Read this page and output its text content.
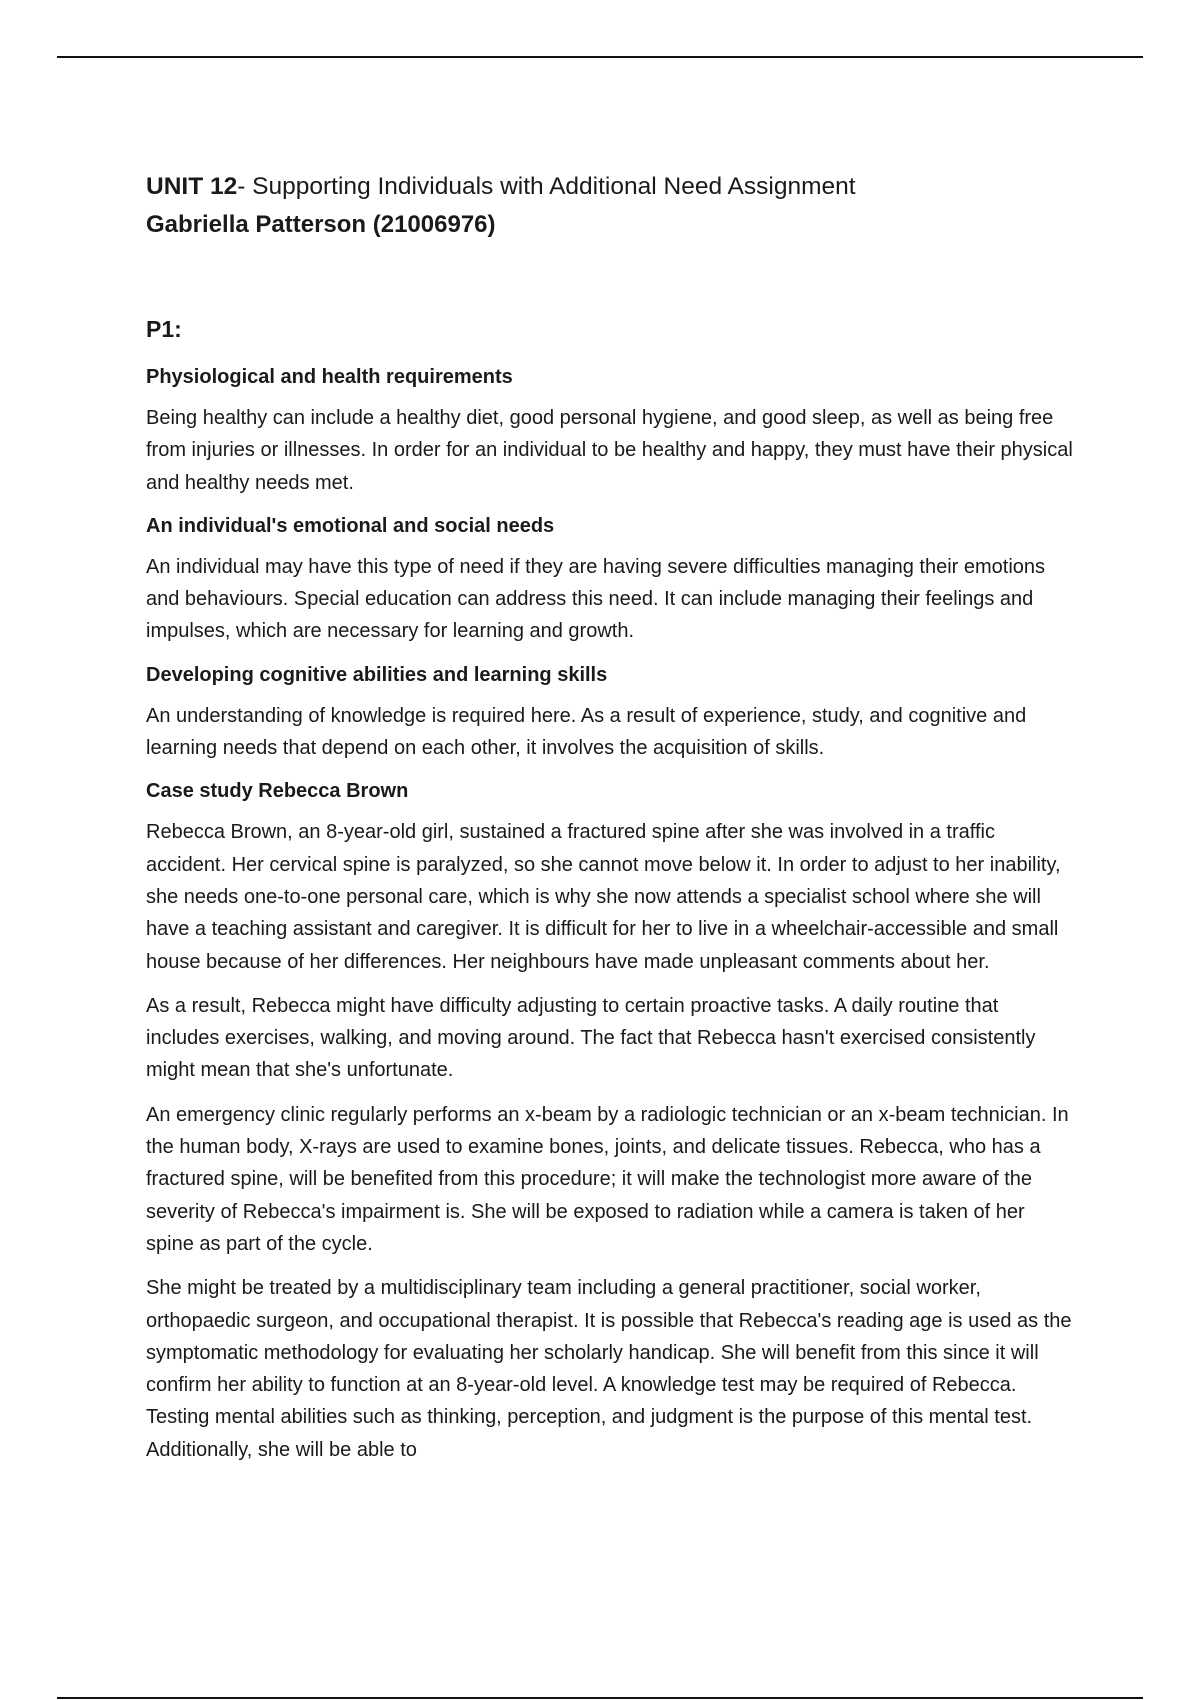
UNIT 12- Supporting Individuals with Additional Need Assignment

Gabriella Patterson (21006976)

P1:
Physiological and health requirements

Being healthy can include a healthy diet, good personal hygiene, and good sleep, as well as being free from injuries or illnesses. In order for an individual to be healthy and happy, they must have their physical and healthy needs met.

An individual's emotional and social needs

An individual may have this type of need if they are having severe difficulties managing their emotions and behaviours. Special education can address this need. It can include managing their feelings and impulses, which are necessary for learning and growth.

Developing cognitive abilities and learning skills

An understanding of knowledge is required here. As a result of experience, study, and cognitive and learning needs that depend on each other, it involves the acquisition of skills.

Case study Rebecca Brown

Rebecca Brown, an 8-year-old girl, sustained a fractured spine after she was involved in a traffic accident. Her cervical spine is paralyzed, so she cannot move below it. In order to adjust to her inability, she needs one-to-one personal care, which is why she now attends a specialist school where she will have a teaching assistant and caregiver. It is difficult for her to live in a wheelchair-accessible and small house because of her differences. Her neighbours have made unpleasant comments about her.

As a result, Rebecca might have difficulty adjusting to certain proactive tasks. A daily routine that includes exercises, walking, and moving around. The fact that Rebecca hasn't exercised consistently might mean that she's unfortunate.

An emergency clinic regularly performs an x-beam by a radiologic technician or an x-beam technician. In the human body, X-rays are used to examine bones, joints, and delicate tissues. Rebecca, who has a fractured spine, will be benefited from this procedure; it will make the technologist more aware of the severity of Rebecca's impairment is. She will be exposed to radiation while a camera is taken of her spine as part of the cycle.

She might be treated by a multidisciplinary team including a general practitioner, social worker, orthopaedic surgeon, and occupational therapist. It is possible that Rebecca's reading age is used as the symptomatic methodology for evaluating her scholarly handicap. She will benefit from this since it will confirm her ability to function at an 8-year-old level. A knowledge test may be required of Rebecca. Testing mental abilities such as thinking, perception, and judgment is the purpose of this mental test. Additionally, she will be able to
